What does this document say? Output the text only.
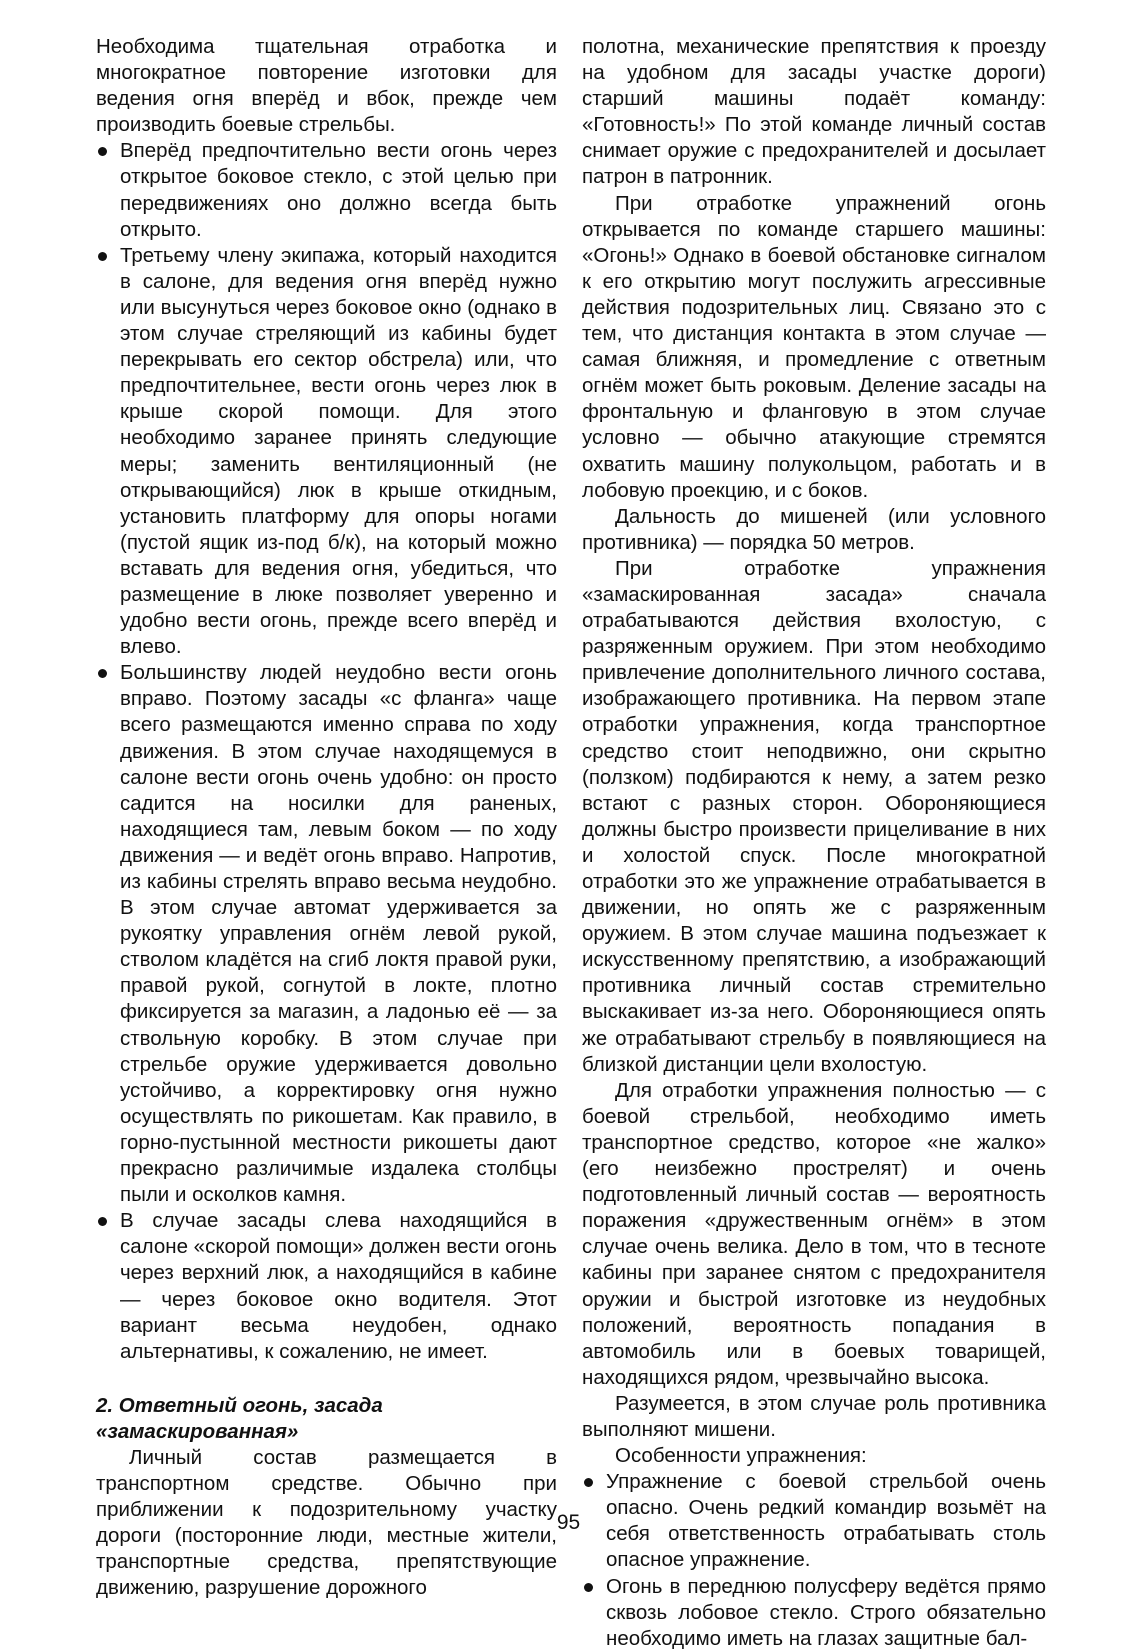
Необходима тщательная отработка и многократное повторение изготовки для ведения огня вперёд и вбок, прежде чем производить боевые стрельбы.

Вперёд предпочтительно вести огонь через открытое боковое стекло, с этой целью при передвижениях оно должно всегда быть открыто.

Третьему члену экипажа, который находится в салоне, для ведения огня вперёд нужно или высунуться через боковое окно (однако в этом случае стреляющий из кабины будет перекрывать его сектор обстрела) или, что предпочтительнее, вести огонь через люк в крыше скорой помощи. Для этого необходимо заранее принять следующие меры; заменить вентиляционный (не открывающийся) люк в крыше откидным, установить платформу для опоры ногами (пустой ящик из-под б/к), на который можно вставать для ведения огня, убедиться, что размещение в люке позволяет уверенно и удобно вести огонь, прежде всего вперёд и влево.

Большинству людей неудобно вести огонь вправо. Поэтому засады «с фланга» чаще всего размещаются именно справа по ходу движения. В этом случае находящемуся в салоне вести огонь очень удобно: он просто садится на носилки для раненых, находящиеся там, левым боком — по ходу движения — и ведёт огонь вправо. Напротив, из кабины стрелять вправо весьма неудобно. В этом случае автомат удерживается за рукоятку управления огнём левой рукой, стволом кладётся на сгиб локтя правой руки, правой рукой, согнутой в локте, плотно фиксируется за магазин, а ладонью её — за ствольную коробку. В этом случае при стрельбе оружие удерживается довольно устойчиво, а корректировку огня нужно осуществлять по рикошетам. Как правило, в горно-пустынной местности рикошеты дают прекрасно различимые издалека столбцы пыли и осколков камня.

В случае засады слева находящийся в салоне «скорой помощи» должен вести огонь через верхний люк, а находящийся в кабине — через боковое окно водителя. Этот вариант весьма неудобен, однако альтернативы, к сожалению, не имеет.

2. Ответный огонь, засада «замаскированная»

Личный состав размещается в транспортном средстве. Обычно при приближении к подозрительному участку дороги (посторонние люди, местные жители, транспортные средства, препятствующие движению, разрушение дорожного

полотна, механические препятствия к проезду на удобном для засады участке дороги) старший машины подаёт команду: «Готовность!» По этой команде личный состав снимает оружие с предохранителей и досылает патрон в патронник.

При отработке упражнений огонь открывается по команде старшего машины: «Огонь!» Однако в боевой обстановке сигналом к его открытию могут послужить агрессивные действия подозрительных лиц. Связано это с тем, что дистанция контакта в этом случае — самая ближняя, и промедление с ответным огнём может быть роковым. Деление засады на фронтальную и фланговую в этом случае условно — обычно атакующие стремятся охватить машину полукольцом, работать и в лобовую проекцию, и с боков.

Дальность до мишеней (или условного противника) — порядка 50 метров.

При отработке упражнения «замаскированная засада» сначала отрабатываются действия вхолостую, с разряженным оружием. При этом необходимо привлечение дополнительного личного состава, изображающего противника. На первом этапе отработки упражнения, когда транспортное средство стоит неподвижно, они скрытно (ползком) подбираются к нему, а затем резко встают с разных сторон. Обороняющиеся должны быстро произвести прицеливание в них и холостой спуск. После многократной отработки это же упражнение отрабатывается в движении, но опять же с разряженным оружием. В этом случае машина подъезжает к искусственному препятствию, а изображающий противника личный состав стремительно выскакивает из-за него. Обороняющиеся опять же отрабатывают стрельбу в появляющиеся на близкой дистанции цели вхолостую.

Для отработки упражнения полностью — с боевой стрельбой, необходимо иметь транспортное средство, которое «не жалко» (его неизбежно прострелят) и очень подготовленный личный состав — вероятность поражения «дружественным огнём» в этом случае очень велика. Дело в том, что в тесноте кабины при заранее снятом с предохранителя оружии и быстрой изготовке из неудобных положений, вероятность попадания в автомобиль или в боевых товарищей, находящихся рядом, чрезвычайно высока.

Разумеется, в этом случае роль противника выполняют мишени.

Особенности упражнения:

Упражнение с боевой стрельбой очень опасно. Очень редкий командир возьмёт на себя ответственность отрабатывать столь опасное упражнение.

Огонь в переднюю полусферу ведётся прямо сквозь лобовое стекло. Строго обязательно необходимо иметь на глазах защитные бал-

95
